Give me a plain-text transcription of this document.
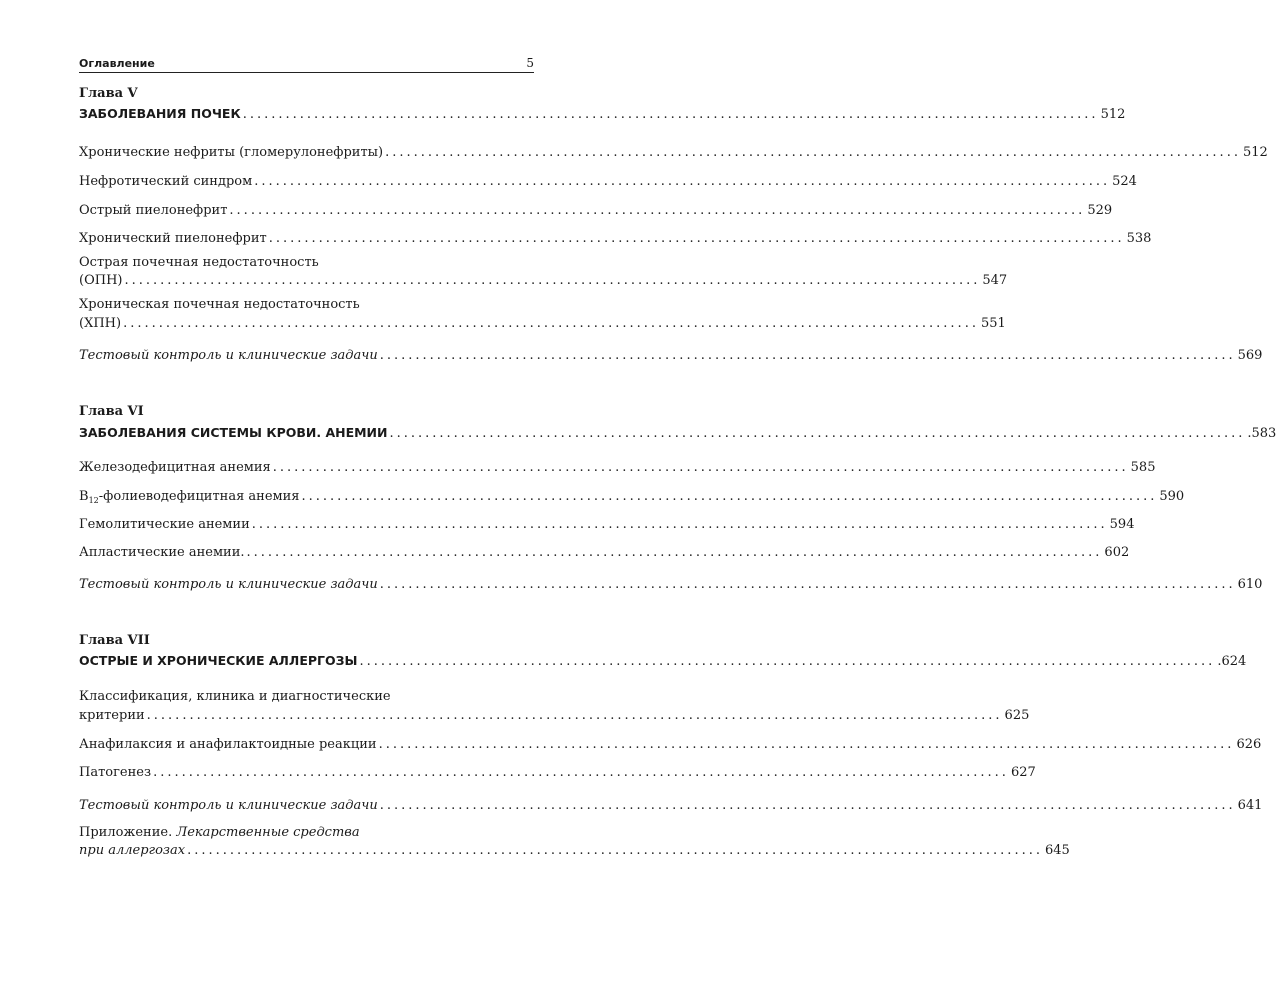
Оглавление	5
Глава V
ЗАБОЛЕВАНИЯ ПОЧЕК ........................................................................................................................ 512
Хронические нефриты (гломерулонефриты) ........................................................................................................................ 512
Нефротический синдром ........................................................................................................................ 524
Острый пиелонефрит ........................................................................................................................ 529
Хронический пиелонефрит ........................................................................................................................ 538
Острая почечная недостаточность
(ОПН) ........................................................................................................................ 547
Хроническая почечная недостаточность
(ХПН) ........................................................................................................................ 551
Тестовый контроль и клинические задачи ........................................................................................................................ 569
Глава VI
ЗАБОЛЕВАНИЯ СИСТЕМЫ КРОВИ. АНЕМИИ ........................................................................................................................ .583
Железодефицитная анемия ........................................................................................................................ 585
$В_{12}$-фолиеводефицитная анемия ........................................................................................................................ 590
Гемолитические анемии ........................................................................................................................ 594
Апластические анемии. ........................................................................................................................ 602
Тестовый контроль и клинические задачи ........................................................................................................................ 610
Глава VII
ОСТРЫЕ И ХРОНИЧЕСКИЕ АЛЛЕРГОЗЫ ........................................................................................................................ .624
Классификация, клиника и диагностические
критерии ........................................................................................................................ 625
Анафилаксия и анафилактоидные реакции ........................................................................................................................ 626
Патогенез ........................................................................................................................ 627
Тестовый контроль и клинические задачи ........................................................................................................................ 641
Приложение. Лекарственные средства
при аллергозах ........................................................................................................................ 645
